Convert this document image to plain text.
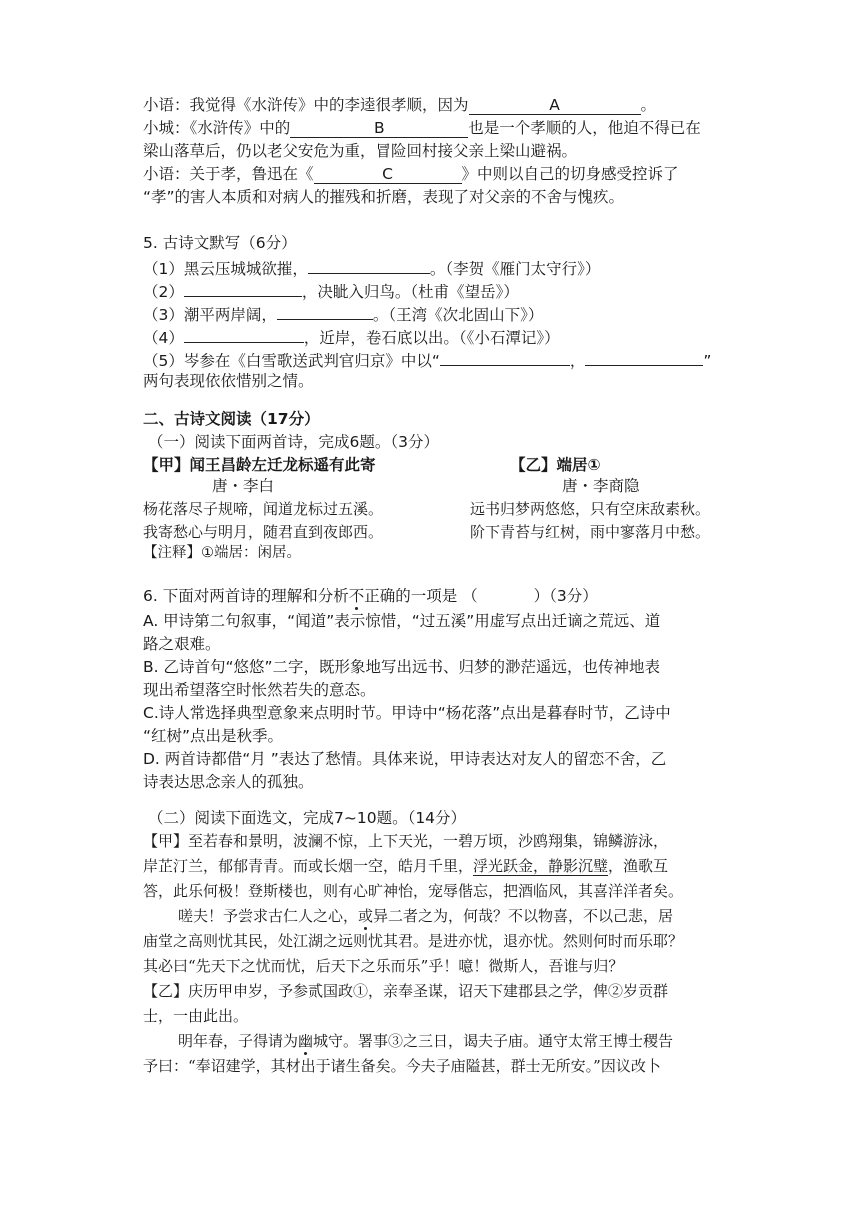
小语：我觉得《水浒传》中的李逵很孝顺，因为	A	。
小城：《水浒传》中的	B	也是一个孝顺的人，他迫不得已在
梁山落草后，仍以老父安危为重，冒险回村接父亲上梁山避祸。
小语：关于孝，鲁迅在《	C	》中则以自己的切身感受控诉了
“孝”的害人本质和对病人的摧残和折磨，表现了对父亲的不舍与愧疚。
5. 古诗文默写（6分）
（1）黑云压城城欲摧，	。（李贺《雁门太守行》）
（2）	，决眦入归鸟。（杜甫《望岳》）
（3）潮平两岸阔，	。（王湾《次北固山下》）
（4）	，近岸，卷石底以出。（《小石潭记》）
（5）岑参在《白雪歌送武判官归京》中以“	，	”
两句表现依依惜别之情。
二、古诗文阅读（17分）
（一）阅读下面两首诗，完成6题。（3分）
【甲】闻王昌龄左迁龙标遥有此寄
唐・李白
杨花落尽子规啼，闻道龙标过五溪。
我寄愁心与明月，随君直到夜郎西。
【乙】端居①
唐・李商隐
远书归梦两悠悠，只有空床敌素秋。
阶下青苔与红树，雨中寥落月中愁。
【注释】①端居：闲居。
6. 下面对两首诗的理解和分析不正确的一项是 （	）（3分）
A. 甲诗第二句叙事，“闻道”表示惊惜，“过五溪”用虚写点出迁谪之荒远、道
路之艰难。
B. 乙诗首句“悠悠”二字，既形象地写出远书、归梦的渺茫遥远，也传神地表
现出希望落空时怅然若失的意态。
C.诗人常选择典型意象来点明时节。甲诗中“杨花落”点出是暮春时节，乙诗中
“红树”点出是秋季。
D. 两首诗都借“月 ”表达了愁情。具体来说，甲诗表达对友人的留恋不舍，乙
诗表达思念亲人的孤独。
（二）阅读下面选文，完成7~10题。（14分）
【甲】至若春和景明，波澜不惊，上下天光，一碧万顷，沙鸥翔集，锦鳞游泳，
岸芷汀兰，郁郁青青。而或长烟一空，皓月千里，浮光跃金，静影沉璧，渔歌互
答，此乐何极！登斯楼也，则有心旷神怡，宠辱偕忘，把酒临风，其喜洋洋者矣。
嗟夫！予尝求古仁人之心，或异二者之为，何哉？不以物喜，不以己悲，居
庙堂之高则忧其民，处江湖之远则忧其君。是进亦忧，退亦忧。然则何时而乐耶？
其必曰“先天下之忧而忧，后天下之乐而乐”乎！噫！微斯人，吾谁与归？
【乙】庆历甲申岁，予参贰国政①，亲奉圣谋，诏天下建郡县之学，俾②岁贡群
士，一由此出。
明年春，子得请为幽城守。署事③之三日，谒夫子庙。通守太常王博士稷告
予曰：“奉诏建学，其材出于诸生备矣。今夫子庙隘甚，群士无所安。”因议改卜
